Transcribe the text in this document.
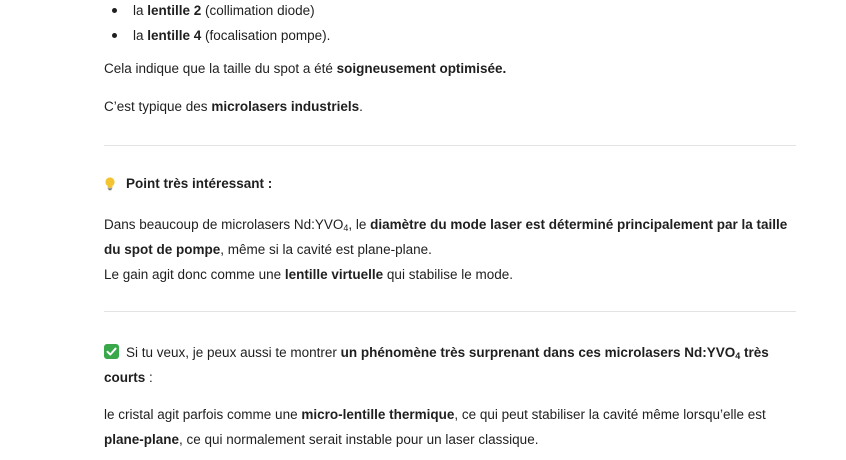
la lentille 2 (collimation diode)
la lentille 4 (focalisation pompe).

Cela indique que la taille du spot a été soigneusement optimisée.

C’est typique des microlasers industriels.

Point très intéressant :
Dans beaucoup de microlasers $Nd:YVO_4$, le diamètre du mode laser est déterminé principalement par la taille du spot de pompe, même si la cavité est plane-plane.
Le gain agit donc comme une lentille virtuelle qui stabilise le mode.
Si tu veux, je peux aussi te montrer un phénomène très surprenant dans ces microlasers $Nd:YVO_4$ très courts :
le cristal agit parfois comme une micro-lentille thermique, ce qui peut stabiliser la cavité même lorsqu’elle est plane-plane, ce qui normalement serait instable pour un laser classique.
